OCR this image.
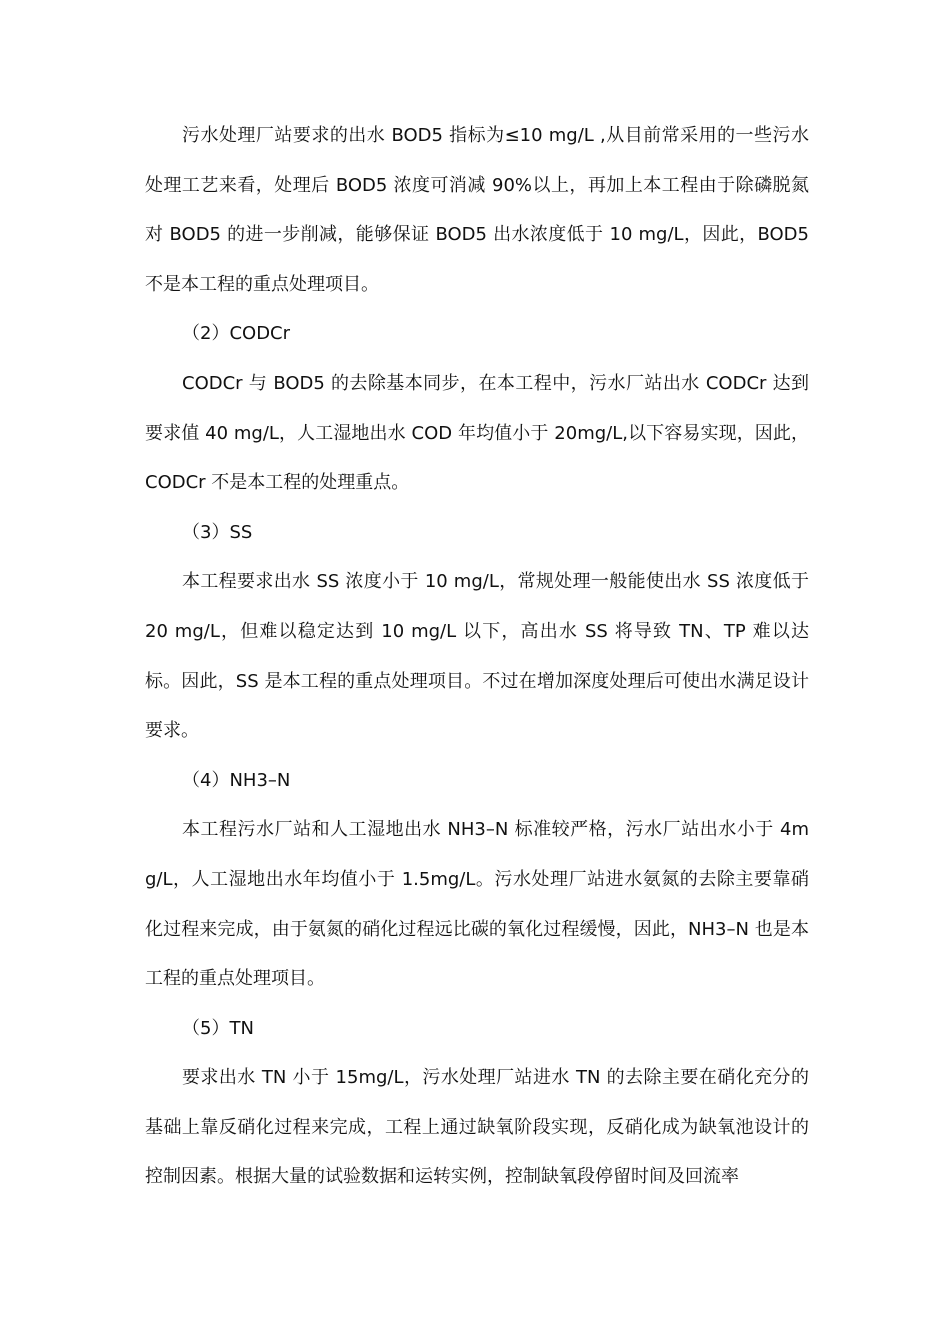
污水处理厂站要求的出水 BOD5 指标为≤10 mg/L ,从目前常采用的一些污水处理工艺来看，处理后 BOD5 浓度可消减 90%以上，再加上本工程由于除磷脱氮对 BOD5 的进一步削减，能够保证 BOD5 出水浓度低于 10 mg/L，因此，BOD5 不是本工程的重点处理项目。

（2）CODCr

CODCr 与 BOD5 的去除基本同步，在本工程中，污水厂站出水 CODCr 达到要求值 40 mg/L，人工湿地出水 COD 年均值小于 20mg/L,以下容易实现，因此，CODCr 不是本工程的处理重点。

（3）SS

本工程要求出水 SS 浓度小于 10 mg/L，常规处理一般能使出水 SS 浓度低于 20 mg/L，但难以稳定达到 10 mg/L 以下，高出水 SS 将导致 TN、TP 难以达标。因此，SS 是本工程的重点处理项目。不过在增加深度处理后可使出水满足设计要求。

（4）NH3–N

本工程污水厂站和人工湿地出水 NH3–N 标准较严格，污水厂站出水小于 4mg/L，人工湿地出水年均值小于 1.5mg/L。污水处理厂站进水氨氮的去除主要靠硝化过程来完成，由于氨氮的硝化过程远比碳的氧化过程缓慢，因此，NH3–N 也是本工程的重点处理项目。

（5）TN

要求出水 TN 小于 15mg/L，污水处理厂站进水 TN 的去除主要在硝化充分的基础上靠反硝化过程来完成，工程上通过缺氧阶段实现，反硝化成为缺氧池设计的控制因素。根据大量的试验数据和运转实例，控制缺氧段停留时间及回流率
